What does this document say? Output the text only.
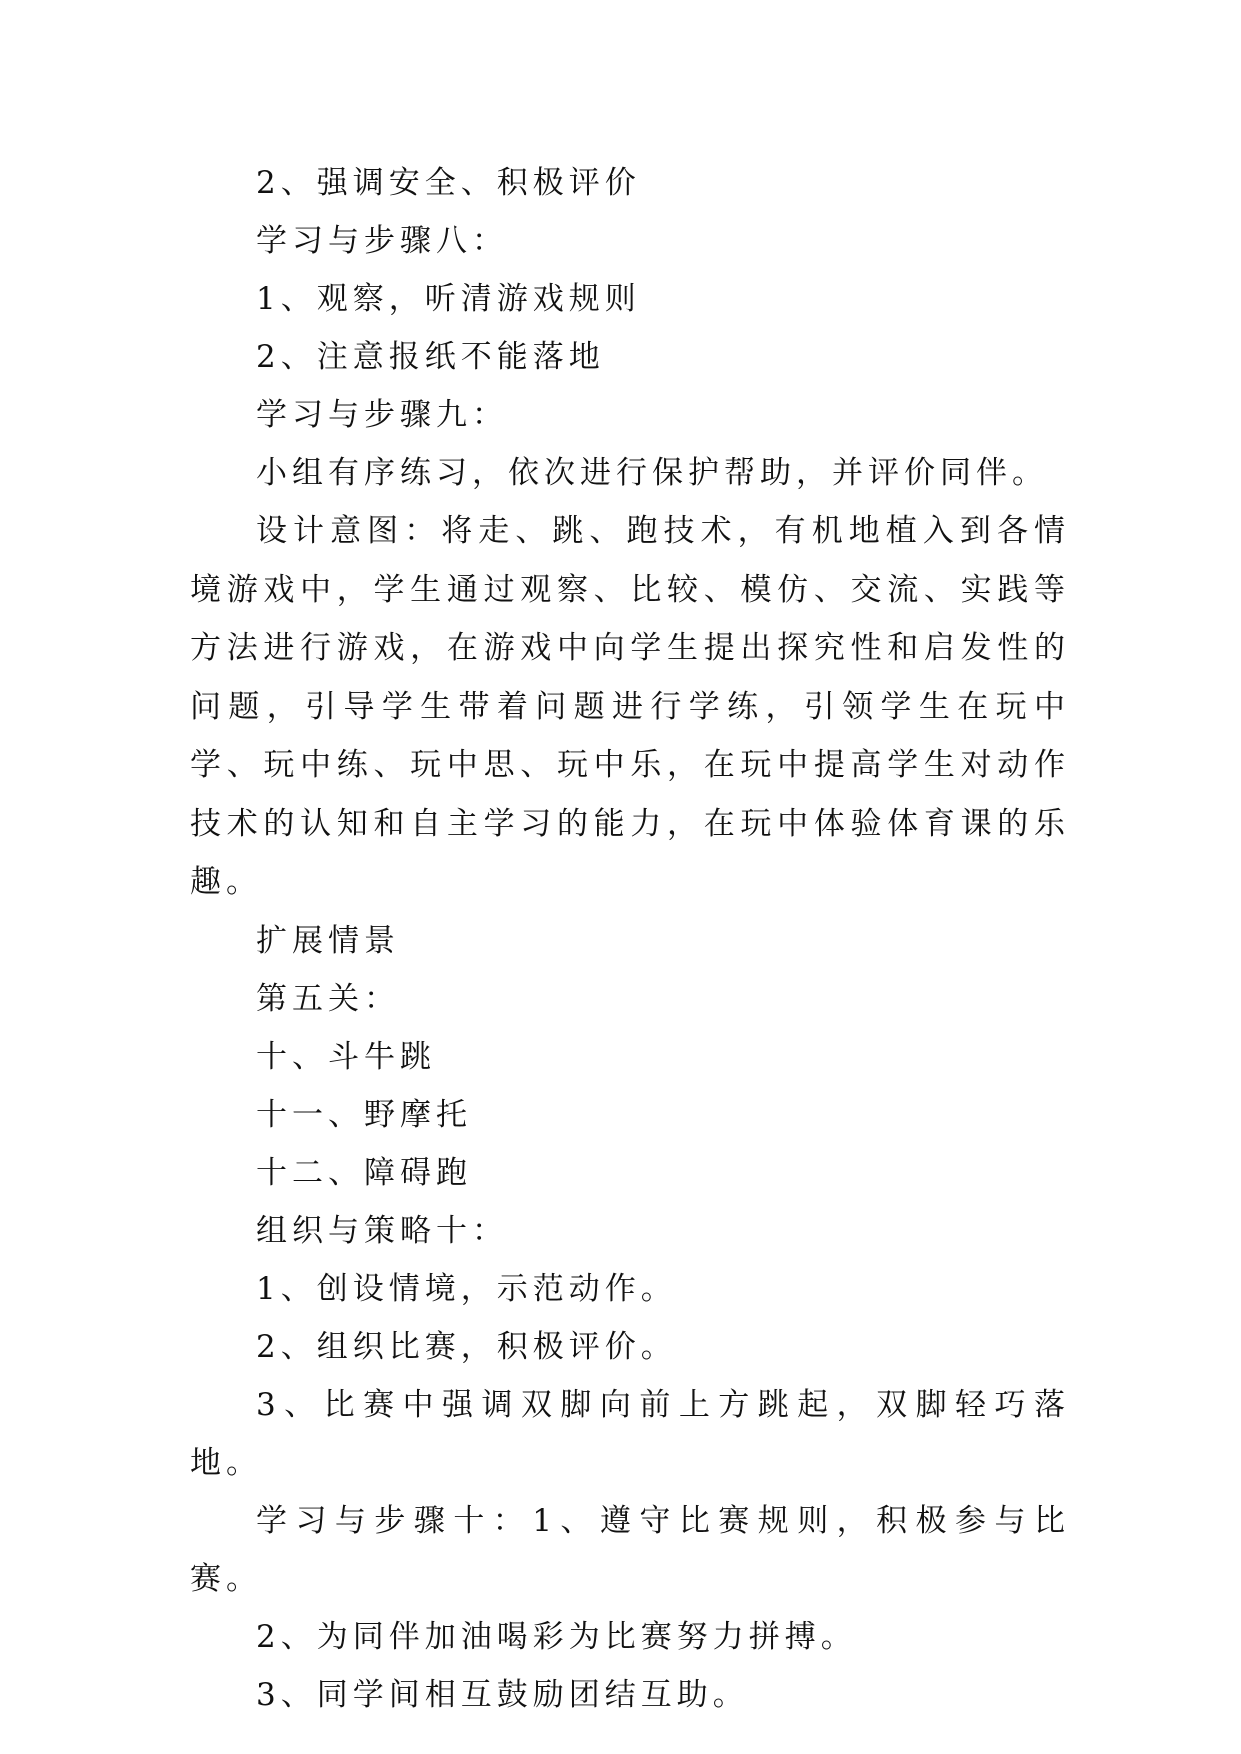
2、强调安全、积极评价

学习与步骤八：

1、观察，听清游戏规则

2、注意报纸不能落地

学习与步骤九：

小组有序练习，依次进行保护帮助，并评价同伴。

设计意图：将走、跳、跑技术，有机地植入到各情境游戏中，学生通过观察、比较、模仿、交流、实践等方法进行游戏，在游戏中向学生提出探究性和启发性的问题，引导学生带着问题进行学练，引领学生在玩中学、玩中练、玩中思、玩中乐，在玩中提高学生对动作技术的认知和自主学习的能力，在玩中体验体育课的乐趣。

扩展情景

第五关：

十、斗牛跳

十一、野摩托

十二、障碍跑

组织与策略十：

1、创设情境，示范动作。

2、组织比赛，积极评价。

3、比赛中强调双脚向前上方跳起，双脚轻巧落地。

学习与步骤十：1、遵守比赛规则，积极参与比赛。

2、为同伴加油喝彩为比赛努力拼搏。

3、同学间相互鼓励团结互助。
